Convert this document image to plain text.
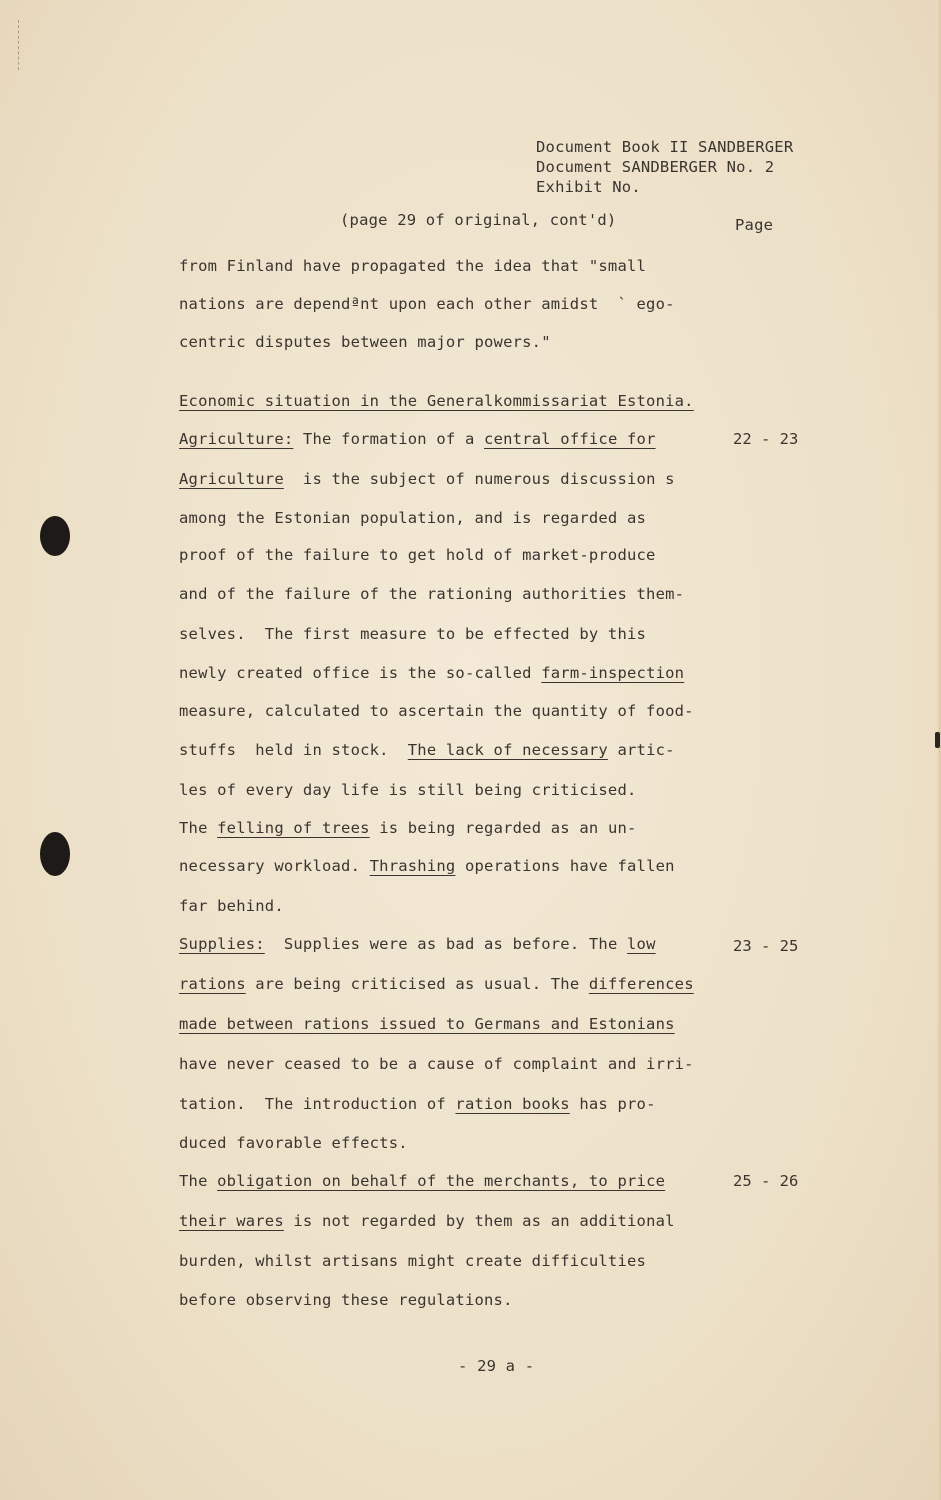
Document Book II SANDBERGER
Document SANDBERGER No. 2
Exhibit No.
(page 29 of original, cont'd)	Page
from Finland have propagated the idea that "small
nations are dependªnt upon each other amidst  ` ego-
centric disputes between major powers."
Economic situation in the Generalkommissariat Estonia.
Agriculture: The formation of a central office for	22 - 23
Agriculture  is the subject of numerous discussion s
among the Estonian population, and is regarded as
proof of the failure to get hold of market-produce
and of the failure of the rationing authorities them-
selves.  The first measure to be effected by this
newly created office is the so-called farm-inspection
measure, calculated to ascertain the quantity of food-
stuffs  held in stock.  The lack of necessary artic-
les of every day life is still being criticised.
The felling of trees is being regarded as an un-
necessary workload. Thrashing operations have fallen
far behind.
Supplies:  Supplies were as bad as before. The low	23 - 25
rations are being criticised as usual. The differences
made between rations issued to Germans and Estonians
have never ceased to be a cause of complaint and irri-
tation.  The introduction of ration books has pro-
duced favorable effects.
The obligation on behalf of the merchants, to price	25 - 26
their wares is not regarded by them as an additional
burden, whilst artisans might create difficulties
before observing these regulations.
- 29 a -
